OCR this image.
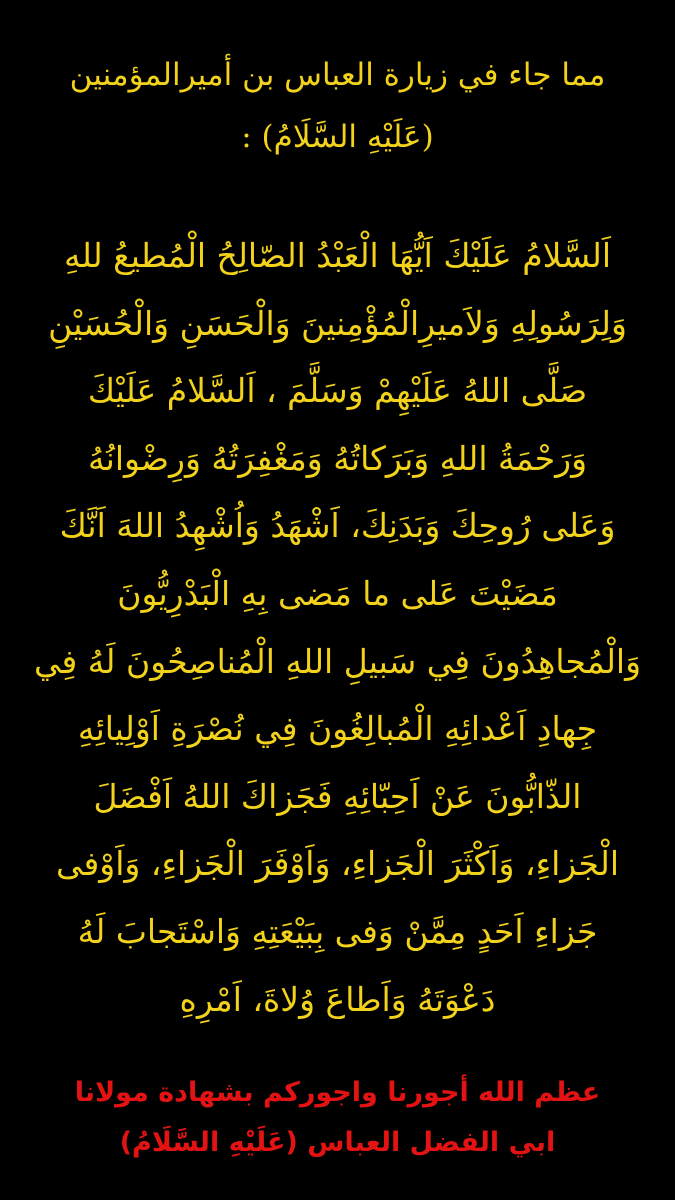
مما جاء في زيارة العباس بن أميرالمؤمنين
(عَلَيْهِ السَّلَامُ) :
اَلسَّلامُ عَلَيْكَ اَيُّهَا الْعَبْدُ الصّالِحُ الْمُطيعُ للهِ
وَلِرَسُولِهِ وَلاَميرِالْمُؤْمِنينَ وَالْحَسَنِ وَالْحُسَيْنِ
صَلَّى اللهُ عَلَيْهِمْ وَسَلَّمَ ، اَلسَّلامُ عَلَيْكَ
وَرَحْمَةُ اللهِ وَبَرَكاتُهُ وَمَغْفِرَتُهُ وَرِضْوانُهُ
وَعَلى رُوحِكَ وَبَدَنِكَ، اَشْهَدُ وَاُشْهِدُ اللهَ اَنَّكَ
مَضَيْتَ عَلى ما مَضى بِهِ الْبَدْرِيُّونَ
وَالْمُجاهِدُونَ فِي سَبيلِ اللهِ الْمُناصِحُونَ لَهُ فِي
جِهادِ اَعْدائِهِ الْمُبالِغُونَ فِي نُصْرَةِ اَوْلِيائِهِ
الذّابُّونَ عَنْ اَحِبّائِهِ فَجَزاكَ اللهُ اَفْضَلَ
الْجَزاءِ، وَاَكْثَرَ الْجَزاءِ، وَاَوْفَرَ الْجَزاءِ، وَاَوْفى
جَزاءِ اَحَدٍ مِمَّنْ وَفى بِبَيْعَتِهِ وَاسْتَجابَ لَهُ
دَعْوَتَهُ وَاَطاعَ وُلاةَ، اَمْرِهِ
عظم الله أجورنا واجوركم بشهادة مولانا
ابي الفضل العباس (عَلَيْهِ السَّلَامُ)
